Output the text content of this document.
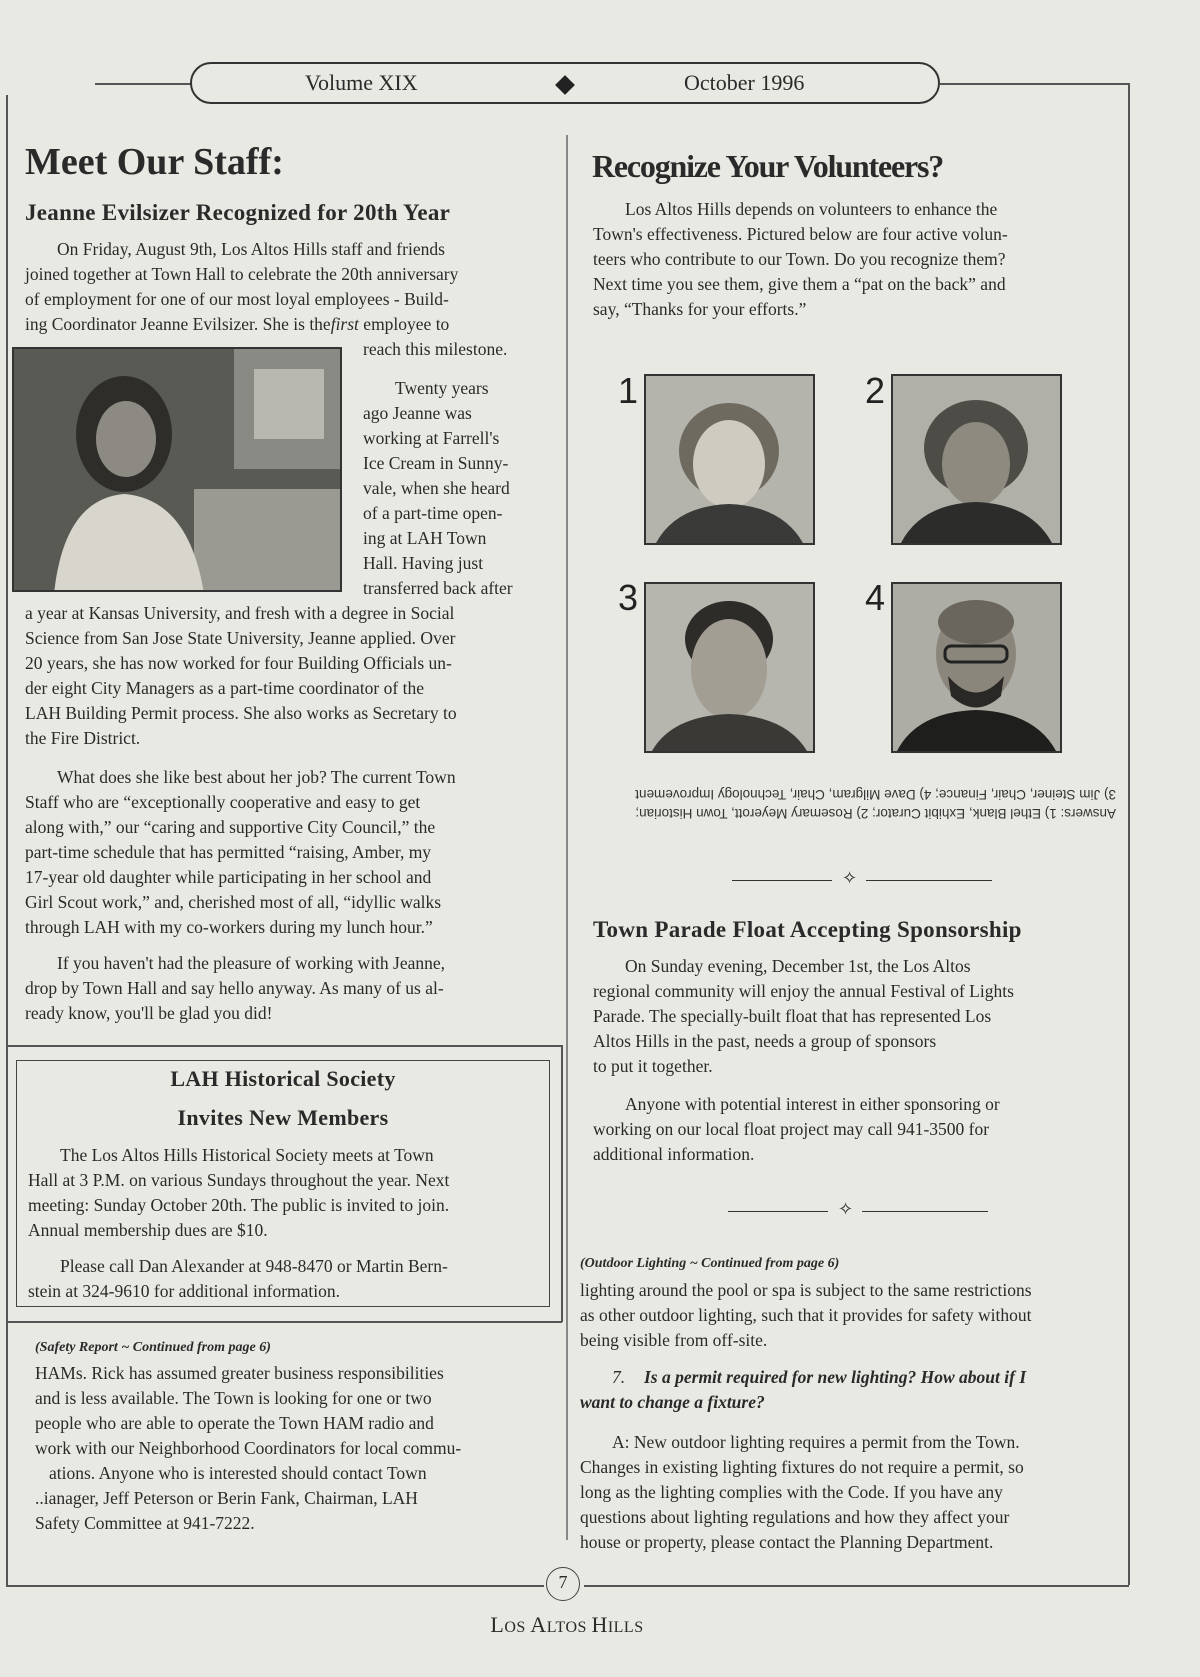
Volume XIX	October 1996
Meet Our Staff:
Jeanne Evilsizer Recognized for 20th Year

On Friday, August 9th, Los Altos Hills staff and friends

joined together at Town Hall to celebrate the 20th anniversary

of employment for one of our most loyal employees - Build-

ing Coordinator Jeanne Evilsizer. She is thefirst employee to

reach this milestone.

Twenty years

ago Jeanne was

working at Farrell's

Ice Cream in Sunny-

vale, when she heard

of a part-time open-

ing at LAH Town

Hall. Having just

transferred back after

a year at Kansas University, and fresh with a degree in Social

Science from San Jose State University, Jeanne applied. Over

20 years, she has now worked for four Building Officials un-

der eight City Managers as a part-time coordinator of the

LAH Building Permit process. She also works as Secretary to

the Fire District.

What does she like best about her job? The current Town

Staff who are “exceptionally cooperative and easy to get

along with,” our “caring and supportive City Council,” the

part-time schedule that has permitted “raising, Amber, my

17-year old daughter while participating in her school and

Girl Scout work,” and, cherished most of all, “idyllic walks

through LAH with my co-workers during my lunch hour.”

If you haven't had the pleasure of working with Jeanne,

drop by Town Hall and say hello anyway. As many of us al-

ready know, you'll be glad you did!

LAH Historical Society
Invites New Members

The Los Altos Hills Historical Society meets at Town

Hall at 3 P.M. on various Sundays throughout the year. Next

meeting: Sunday October 20th. The public is invited to join.

Annual membership dues are $10.

Please call Dan Alexander at 948-8470 or Martin Bern-

stein at 324-9610 for additional information.

(Safety Report ~ Continued from page 6)

HAMs. Rick has assumed greater business responsibilities

and is less available. The Town is looking for one or two

people who are able to operate the Town HAM radio and

work with our Neighborhood Coordinators for local commu-

ations. Anyone who is interested should contact Town

..ianager, Jeff Peterson or Berin Fank, Chairman, LAH

Safety Committee at 941-7222.

Recognize Your Volunteers?

Los Altos Hills depends on volunteers to enhance the

Town's effectiveness. Pictured below are four active volun-

teers who contribute to our Town. Do you recognize them?

Next time you see them, give them a “pat on the back” and

say, “Thanks for your efforts.”

1	2
3	4

Answers: 1) Ethel Blank, Exhibit Curator; 2) Rosemary Meyerott, Town Historian;

3) Jim Steiner, Chair, Finance; 4) Dave Milgram, Chair, Technology Improvement

✧
Town Parade Float Accepting Sponsorship

On Sunday evening, December 1st, the Los Altos

regional community will enjoy the annual Festival of Lights

Parade. The specially-built float that has represented Los

Altos Hills in the past, needs a group of sponsors

to put it together.

Anyone with potential interest in either sponsoring or

working on our local float project may call 941-3500 for

additional information.

✧
(Outdoor Lighting ~ Continued from page 6)

lighting around the pool or spa is subject to the same restrictions

as other outdoor lighting, such that it provides for safety without

being visible from off-site.

7. Is a permit required for new lighting? How about if I

want to change a fixture?

A: New outdoor lighting requires a permit from the Town.

Changes in existing lighting fixtures do not require a permit, so

long as the lighting complies with the Code. If you have any

questions about lighting regulations and how they affect your

house or property, please contact the Planning Department.

7
LOS ALTOS HILLS
